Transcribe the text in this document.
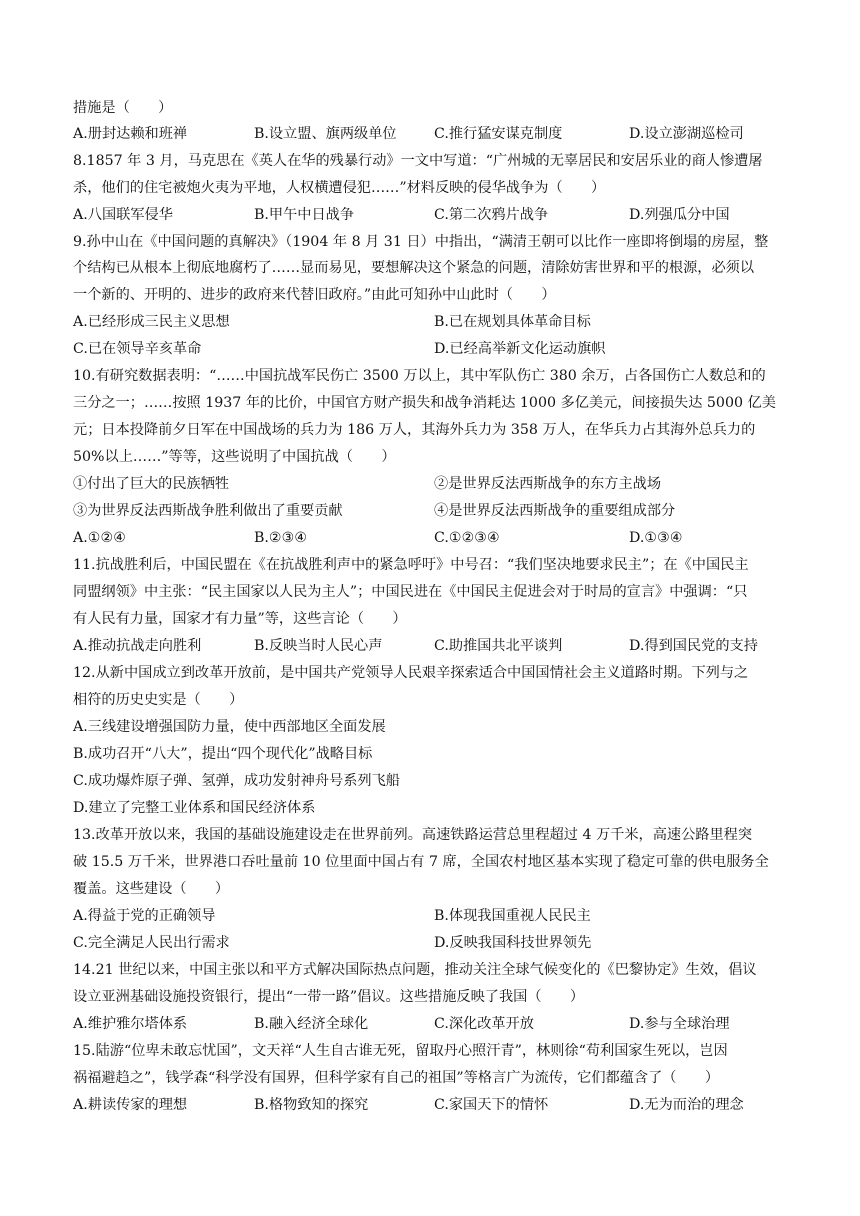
措施是（　　）
A.册封达赖和班禅	B.设立盟、旗两级单位	C.推行猛安谋克制度	D.设立澎湖巡检司
8.1857 年 3 月，马克思在《英人在华的残暴行动》一文中写道：“广州城的无辜居民和安居乐业的商人惨遭屠
杀，他们的住宅被炮火夷为平地，人权横遭侵犯……”材料反映的侵华战争为（　　）
A.八国联军侵华	B.甲午中日战争	C.第二次鸦片战争	D.列强瓜分中国
9.孙中山在《中国问题的真解决》（1904 年 8 月 31 日）中指出，“满清王朝可以比作一座即将倒塌的房屋，整
个结构已从根本上彻底地腐朽了……显而易见，要想解决这个紧急的问题，清除妨害世界和平的根源，必须以
一个新的、开明的、进步的政府来代替旧政府。”由此可知孙中山此时（　　）
A.已经形成三民主义思想	B.已在规划具体革命目标
C.已在领导辛亥革命	D.已经高举新文化运动旗帜
10.有研究数据表明：“……中国抗战军民伤亡 3500 万以上，其中军队伤亡 380 余万，占各国伤亡人数总和的
三分之一；……按照 1937 年的比价，中国官方财产损失和战争消耗达 1000 多亿美元，间接损失达 5000 亿美
元；日本投降前夕日军在中国战场的兵力为 186 万人，其海外兵力为 358 万人，在华兵力占其海外总兵力的
50%以上……”等等，这些说明了中国抗战（　　）
①付出了巨大的民族牺牲	②是世界反法西斯战争的东方主战场
③为世界反法西斯战争胜利做出了重要贡献	④是世界反法西斯战争的重要组成部分
A.①②④	B.②③④	C.①②③④	D.①③④
11.抗战胜利后，中国民盟在《在抗战胜利声中的紧急呼吁》中号召：“我们坚决地要求民主”；在《中国民主
同盟纲领》中主张：“民主国家以人民为主人”；中国民进在《中国民主促进会对于时局的宣言》中强调：“只
有人民有力量，国家才有力量”等，这些言论（　　）
A.推动抗战走向胜利	B.反映当时人民心声	C.助推国共北平谈判	D.得到国民党的支持
12.从新中国成立到改革开放前，是中国共产党领导人民艰辛探索适合中国国情社会主义道路时期。下列与之
相符的历史史实是（　　）
A.三线建设增强国防力量，使中西部地区全面发展
B.成功召开“八大”，提出“四个现代化”战略目标
C.成功爆炸原子弹、氢弹，成功发射神舟号系列飞船
D.建立了完整工业体系和国民经济体系
13.改革开放以来，我国的基础设施建设走在世界前列。高速铁路运营总里程超过 4 万千米，高速公路里程突
破 15.5 万千米，世界港口吞吐量前 10 位里面中国占有 7 席，全国农村地区基本实现了稳定可靠的供电服务全
覆盖。这些建设（　　）
A.得益于党的正确领导	B.体现我国重视人民民主
C.完全满足人民出行需求	D.反映我国科技世界领先
14.21 世纪以来，中国主张以和平方式解决国际热点问题，推动关注全球气候变化的《巴黎协定》生效，倡议
设立亚洲基础设施投资银行，提出“一带一路”倡议。这些措施反映了我国（　　）
A.维护雅尔塔体系	B.融入经济全球化	C.深化改革开放	D.参与全球治理
15.陆游“位卑未敢忘忧国”，文天祥“人生自古谁无死，留取丹心照汗青”，林则徐“苟利国家生死以，岂因
祸福避趋之”，钱学森“科学没有国界，但科学家有自己的祖国”等格言广为流传，它们都蕴含了（　　）
A.耕读传家的理想	B.格物致知的探究	C.家国天下的情怀	D.无为而治的理念
